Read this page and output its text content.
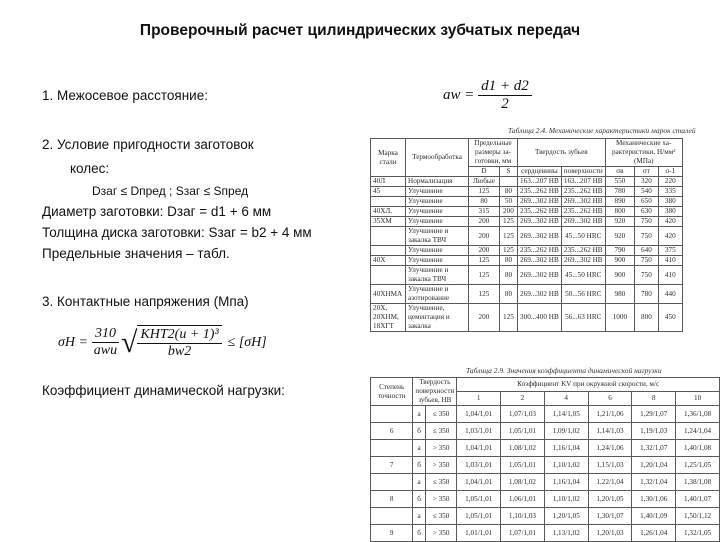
Проверочный расчет цилиндрических зубчатых передач
1. Межосевое расстояние:	aw = $\frac{d1 + d2}{2}$
2. Условие пригодности заготовок
колес:
Dзаг ≤ Dпред ; Sзаг ≤ Sпред
Диаметр заготовки: Dзаг = d1 + 6 мм
Толщина диска заготовки: Sзаг = b2 + 4 мм
Предельные значения – табл.
3. Контактные напряжения (Мпа)
$\sigma H = \frac{310}{\text{awu}}$ √ $\frac{\text{KHT2(u + 1)³}}{bw2} \le [\sigma H]$
Коэффициент динамической нагрузки:
Таблица 2.4. Механические характеристики марок сталей
Марка стали	Термообработка	Предельные размеры за-готовки, мм		Твердость зубьев		Механические ха-рактеристики, Н/мм² (МПа)		
		D	S	сердцевины	поверхности	σв	σт	σ-1
40Л	Нормализация	Любые		163...207 НВ	163...207 НВ	550	320	220
45	Улучшение	125	80	235...262 НВ	235...262 НВ	780	540	335
	Улучшение	80	50	269...302 НВ	269...302 НВ	890	650	380
40ХЛ,	Улучшение	315	200	235...262 НВ	235...262 НВ	800	630	380
35ХМ	Улучшение	200	125	269...302 НВ	269...302 НВ	920	750	420
	Улучшение и закалка ТВЧ	200	125	269...302 НВ	45...50 HRC	920	750	420
	Улучшение	200	125	235...262 НВ	235...262 НВ	790	640	375
40Х	Улучшение	125	80	269...302 НВ	269...302 НВ	900	750	410
	Улучшение и закалка ТВЧ	125	80	269...302 НВ	45...50 HRC	900	750	410
40ХНМА	Улучшение и азотирование	125	80	269...302 НВ	50...56 HRC	980	780	440
20Х, 20ХНМ, 18ХГТ	Улучшение, цементация и закалка	200	125	300...400 НВ	56...63 HRC	1000	800	450
Таблица 2.9. Значения коэффициента динамической нагрузки
Степень точности	Твердость поверхности зубьев, НВ		Коэффициент KV при окружной скорости, м/с					
			1	2	4	6	8	10
	а	≤ 350	1,04/1,01	1,07/1,03	1,14/1,05	1,21/1,06	1,29/1,07	1,36/1,08
6	б	≤ 350	1,03/1,01	1,05/1,01	1,09/1,02	1,14/1,03	1,19/1,03	1,24/1,04
	а	> 350	1,04/1,01	1,08/1,02	1,16/1,04	1,24/1,06	1,32/1,07	1,40/1,08
7	б	> 350	1,03/1,01	1,05/1,01	1,10/1,02	1,15/1,03	1,20/1,04	1,25/1,05
	а	≤ 350	1,04/1,01	1,08/1,02	1,16/1,04	1,22/1,04	1,32/1,04	1,38/1,08
8	б	> 350	1,05/1,01	1,06/1,01	1,10/1,02	1,20/1,05	1,30/1,06	1,40/1,07
	а	≤ 350	1,05/1,01	1,10/1,03	1,20/1,05	1,30/1,07	1,40/1,09	1,50/1,12
9	б	> 350	1,01/1,01	1,07/1,01	1,13/1,02	1,20/1,03	1,26/1,04	1,32/1,05
